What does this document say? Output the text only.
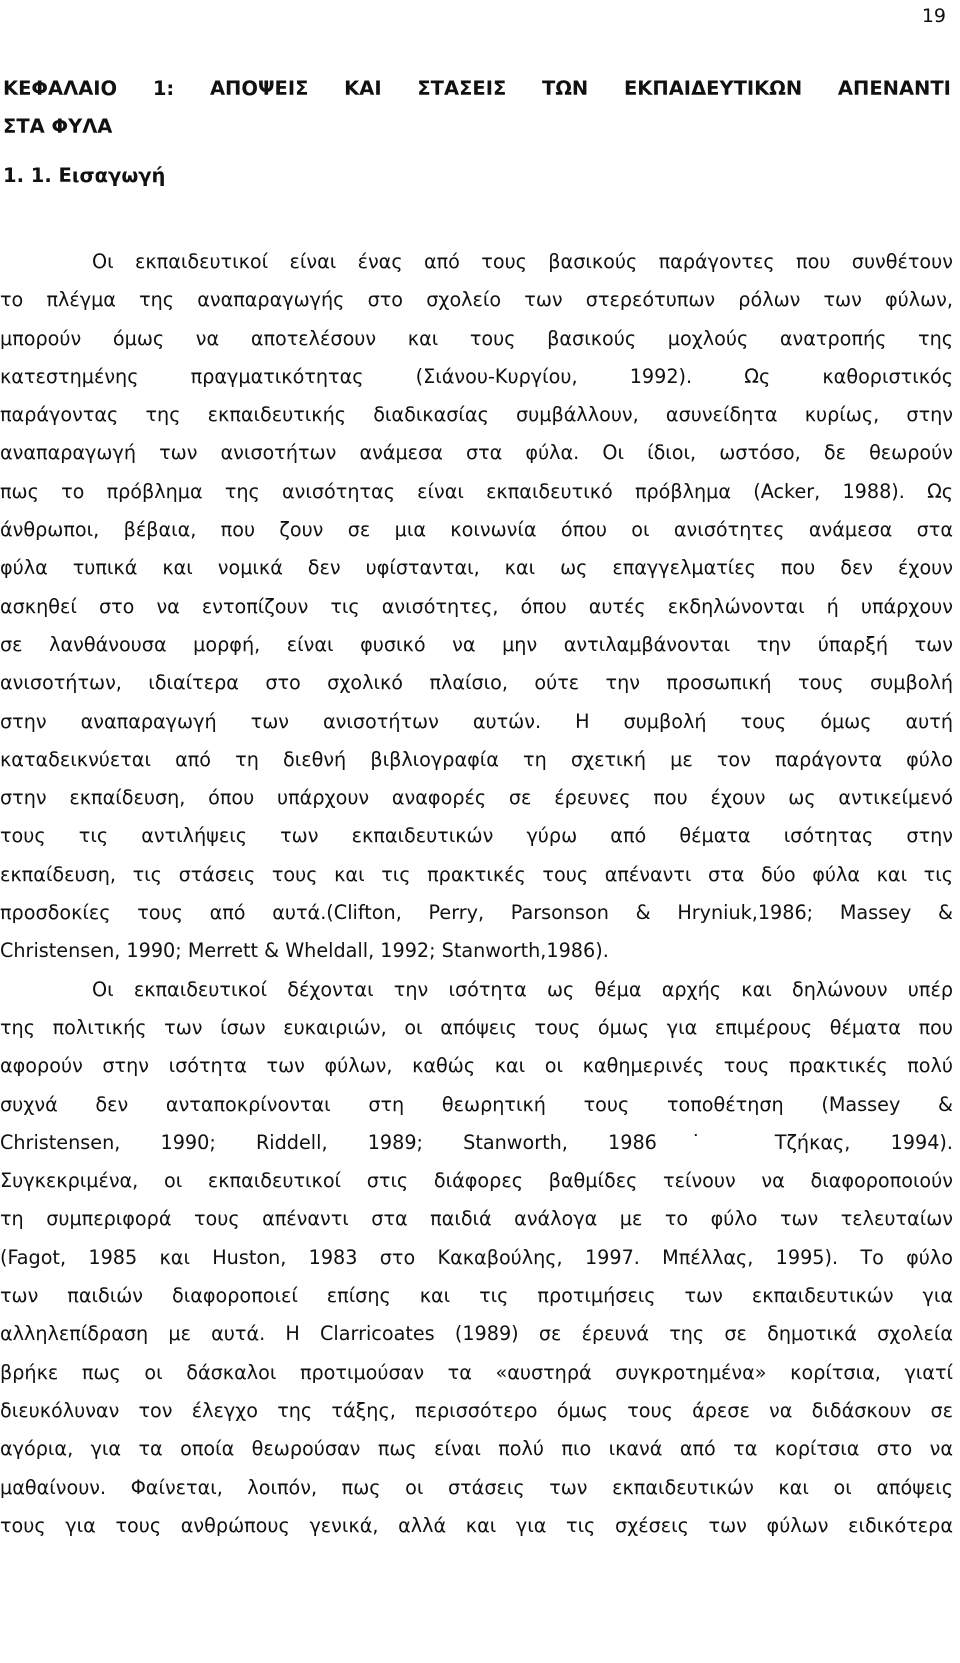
19
ΚΕΦΑΛΑΙΟ 1: ΑΠΟΨΕΙΣ ΚΑΙ ΣΤΑΣΕΙΣ ΤΩΝ ΕΚΠΑΙΔΕΥΤΙΚΩΝ ΑΠΕΝΑΝΤΙ
ΣΤΑ ΦΥΛΑ
1. 1. Εισαγωγή
Οι εκπαιδευτικοί είναι ένας από τους βασικούς παράγοντες που συνθέτουν
το πλέγμα της αναπαραγωγής στο σχολείο των στερεότυπων ρόλων των φύλων,
μπορούν όμως να αποτελέσουν και τους βασικούς μοχλούς ανατροπής της
κατεστημένης πραγματικότητας (Σιάνου-Κυργίου, 1992). Ως καθοριστικός
παράγοντας της εκπαιδευτικής διαδικασίας συμβάλλουν, ασυνείδητα κυρίως, στην
αναπαραγωγή των ανισοτήτων ανάμεσα στα φύλα. Οι ίδιοι, ωστόσο, δε θεωρούν
πως το πρόβλημα της ανισότητας είναι εκπαιδευτικό πρόβλημα (Acker, 1988). Ως
άνθρωποι, βέβαια, που ζουν σε μια κοινωνία όπου οι ανισότητες ανάμεσα στα
φύλα τυπικά και νομικά δεν υφίστανται, και ως επαγγελματίες που δεν έχουν
ασκηθεί στο να εντοπίζουν τις ανισότητες, όπου αυτές εκδηλώνονται ή υπάρχουν
σε λανθάνουσα μορφή, είναι φυσικό να μην αντιλαμβάνονται την ύπαρξή των
ανισοτήτων, ιδιαίτερα στο σχολικό πλαίσιο, ούτε την προσωπική τους συμβολή
στην αναπαραγωγή των ανισοτήτων αυτών. Η συμβολή τους όμως αυτή
καταδεικνύεται από τη διεθνή βιβλιογραφία τη σχετική με τον παράγοντα φύλο
στην εκπαίδευση, όπου υπάρχουν αναφορές σε έρευνες που έχουν ως αντικείμενό
τους τις αντιλήψεις των εκπαιδευτικών γύρω από θέματα ισότητας στην
εκπαίδευση, τις στάσεις τους και τις πρακτικές τους απέναντι στα δύο φύλα και τις
προσδοκίες τους από αυτά.(Clifton, Perry, Parsonson & Hryniuk,1986; Massey &
Christensen, 1990; Merrett & Wheldall, 1992; Stanworth,1986).
Οι εκπαιδευτικοί δέχονται την ισότητα ως θέμα αρχής και δηλώνουν υπέρ
της πολιτικής των ίσων ευκαιριών, οι απόψεις τους όμως για επιμέρους θέματα που
αφορούν στην ισότητα των φύλων, καθώς και οι καθημερινές τους πρακτικές πολύ
συχνά δεν ανταποκρίνονται στη θεωρητική τους τοποθέτηση (Massey &
Christensen, 1990; Riddell, 1989; Stanworth, 1986˙ Τζήκας, 1994).
Συγκεκριμένα, οι εκπαιδευτικοί στις διάφορες βαθμίδες τείνουν να διαφοροποιούν
τη συμπεριφορά τους απέναντι στα παιδιά ανάλογα με το φύλο των τελευταίων
(Fagot, 1985 και Huston, 1983 στο Κακαβούλης, 1997. Μπέλλας, 1995). Το φύλο
των παιδιών διαφοροποιεί επίσης και τις προτιμήσεις των εκπαιδευτικών για
αλληλεπίδραση με αυτά. Η Clarricoates (1989) σε έρευνά της σε δημοτικά σχολεία
βρήκε πως οι δάσκαλοι προτιμούσαν τα «αυστηρά συγκροτημένα» κορίτσια, γιατί
διευκόλυναν τον έλεγχο της τάξης, περισσότερο όμως τους άρεσε να διδάσκουν σε
αγόρια, για τα οποία θεωρούσαν πως είναι πολύ πιο ικανά από τα κορίτσια στο να
μαθαίνουν. Φαίνεται, λοιπόν, πως οι στάσεις των εκπαιδευτικών και οι απόψεις
τους για τους ανθρώπους γενικά, αλλά και για τις σχέσεις των φύλων ειδικότερα
